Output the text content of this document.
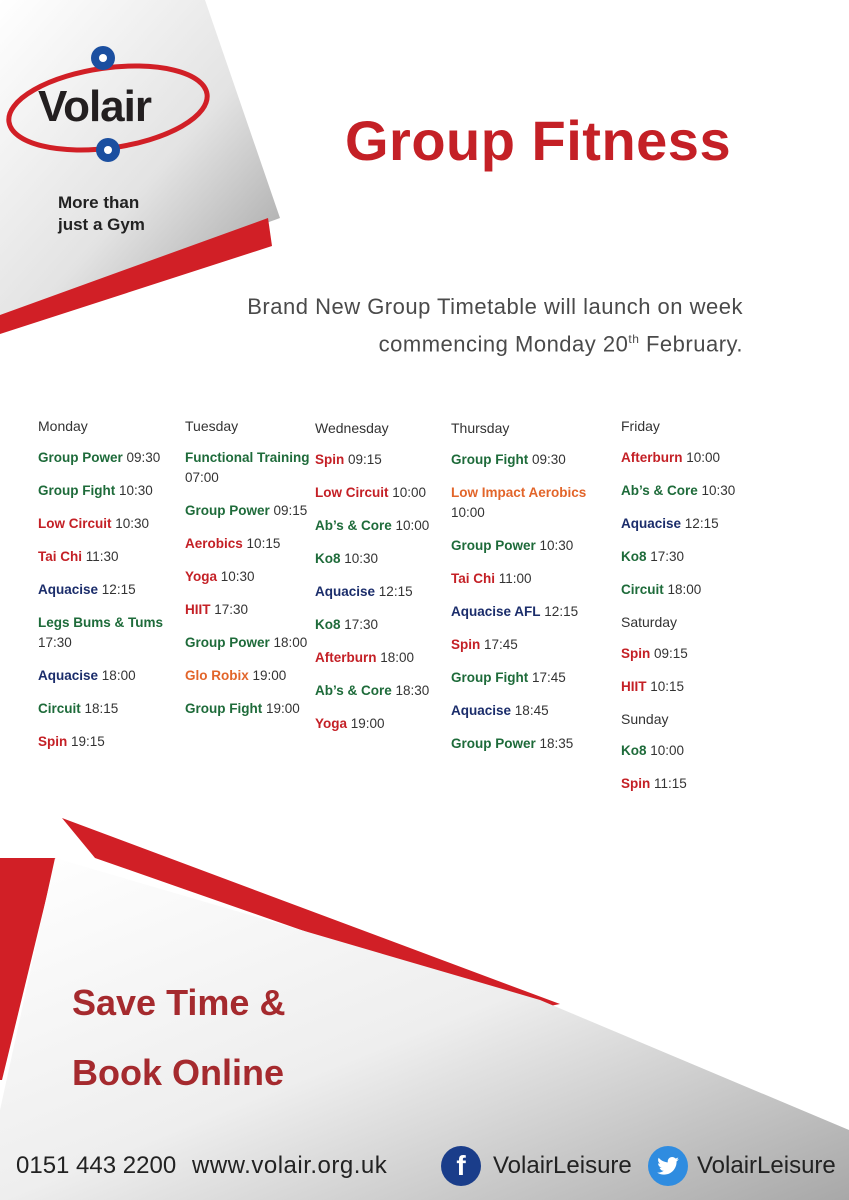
Volair
More than
just a Gym
Group Fitness
Brand New Group Timetable will launch on week
commencing Monday 20th February.
Monday
Group Power 09:30
Group Fight 10:30
Low Circuit 10:30
Tai Chi 11:30
Aquacise 12:15
Legs Bums & Tums 17:30
Aquacise 18:00
Circuit 18:15
Spin 19:15
Tuesday
Functional Training 07:00
Group Power 09:15
Aerobics 10:15
Yoga 10:30
HIIT 17:30
Group Power 18:00
Glo Robix 19:00
Group Fight 19:00
Wednesday
Spin 09:15
Low Circuit 10:00
Ab’s & Core 10:00
Ko8 10:30
Aquacise 12:15
Ko8 17:30
Afterburn 18:00
Ab’s & Core 18:30
Yoga 19:00
Thursday
Group Fight 09:30
Low Impact Aerobics 10:00
Group Power 10:30
Tai Chi 11:00
Aquacise AFL 12:15
Spin 17:45
Group Fight 17:45
Aquacise 18:45
Group Power 18:35
Friday
Afterburn 10:00
Ab’s & Core 10:30
Aquacise 12:15
Ko8 17:30
Circuit 18:00
Saturday
Spin 09:15
HIIT 10:15
Sunday
Ko8 10:00
Spin 11:15
Save Time &
Book Online
0151 443 2200 www.volair.org.uk	f	VolairLeisure	VolairLeisure
